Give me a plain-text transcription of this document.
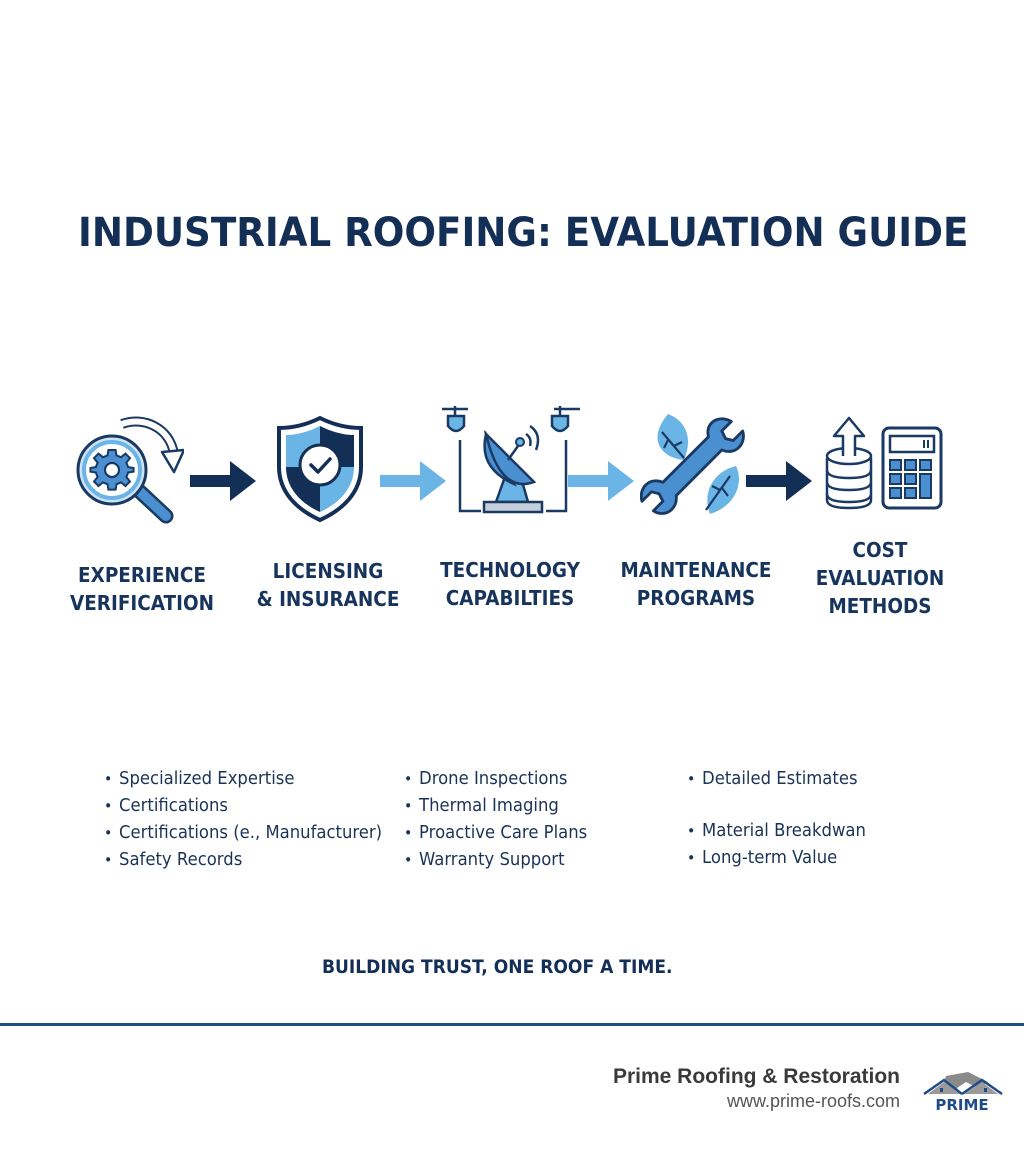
INDUSTRIAL ROOFING: EVALUATION GUIDE
EXPERIENCE
VERIFICATION
LICENSING
& INSURANCE
TECHNOLOGY
CAPABILTIES
MAINTENANCE
PROGRAMS
COST
EVALUATION
METHODS
• Specialized Expertise
• Certifications
• Certifications (e., Manufacturer)
• Safety Records
• Drone Inspections
• Thermal Imaging
• Proactive Care Plans
• Warranty Support
• Detailed Estimates
• Material Breakdwan
• Long-term Value
BUILDING TRUST, ONE ROOF A TIME.
Prime Roofing & Restoration
www.prime-roofs.com PRIME
